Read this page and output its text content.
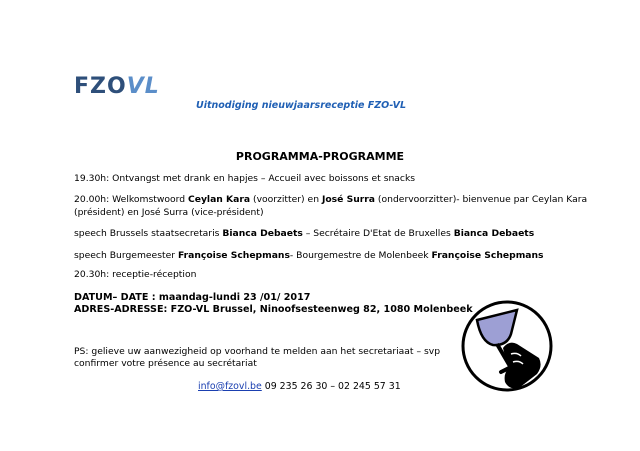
FZOVL
Uitnodiging nieuwjaarsreceptie FZO-VL
PROGRAMMA-PROGRAMME
19.30h: Ontvangst met drank en hapjes – Accueil avec boissons et snacks
20.00h: Welkomstwoord Ceylan Kara (voorzitter) en José Surra (ondervoorzitter)- bienvenue par Ceylan Kara (président) en José Surra (vice-président)
speech Brussels staatsecretaris Bianca Debaets – Secrétaire D'Etat de Bruxelles Bianca Debaets
speech Burgemeester Françoise Schepmans- Bourgemestre de Molenbeek Françoise Schepmans
20.30h: receptie-réception
DATUM– DATE : maandag-lundi 23 /01/ 2017
ADRES-ADRESSE: FZO-VL Brussel, Ninoofsesteenweg 82, 1080 Molenbeek
PS: gelieve uw aanwezigheid op voorhand te melden aan het secretariaat – svp confirmer votre présence au secrétariat
info@fzovl.be 09 235 26 30 – 02 245 57 31
